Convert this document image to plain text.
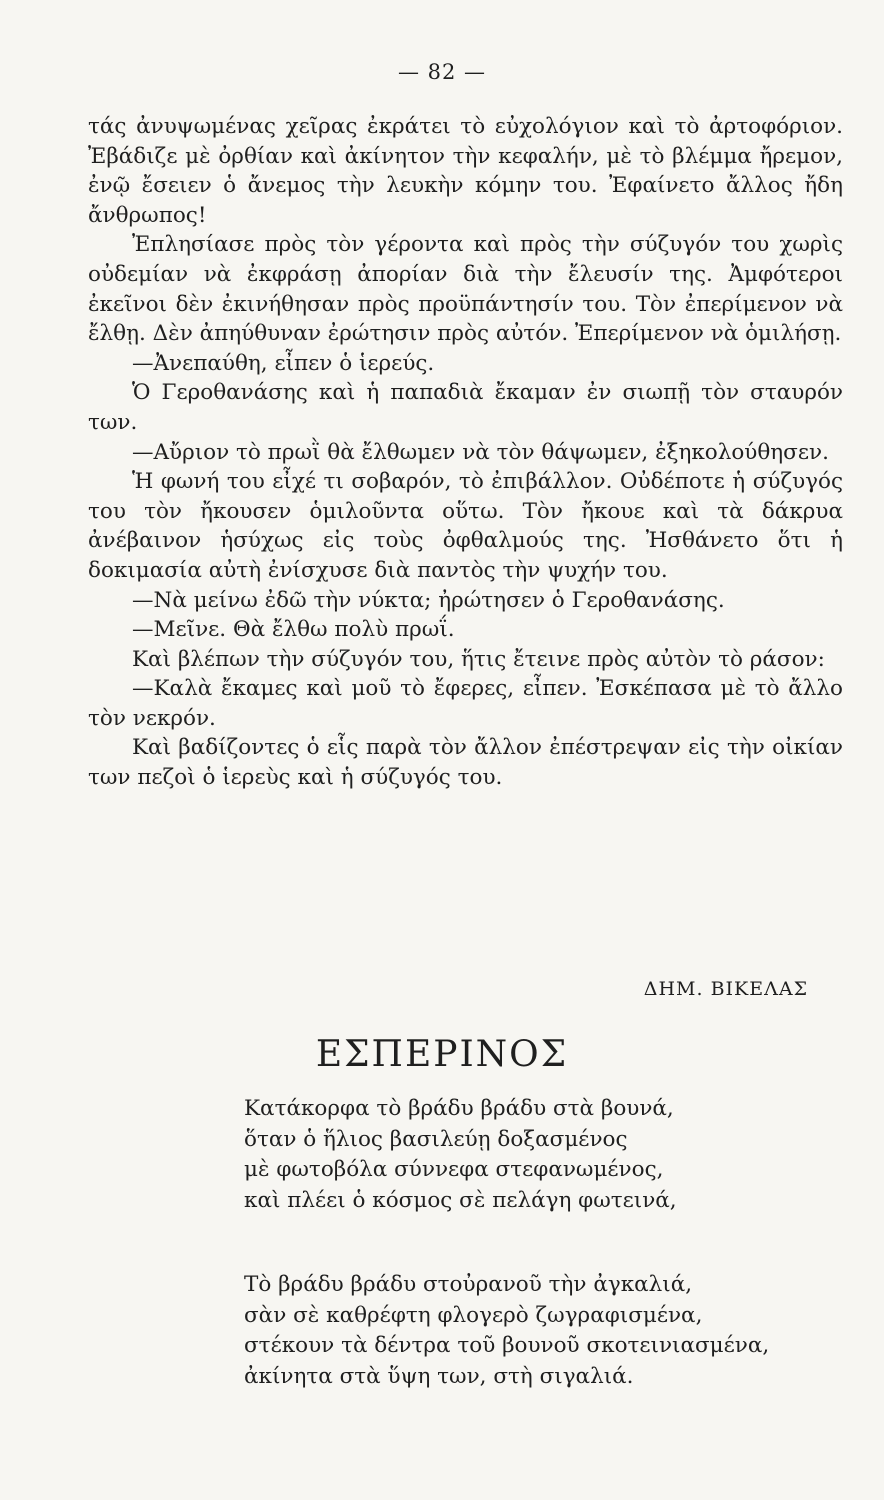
— 82 —

τάς ἀνυψωμένας χεῖρας ἐκράτει τὸ εὐχολόγιον καὶ τὸ ἀρτοφόριον. Ἐβάδιζε μὲ ὀρθίαν καὶ ἀκίνητον τὴν κεφαλήν, μὲ τὸ βλέμμα ἤρεμον, ἐνῷ ἔσειεν ὁ ἄνεμος τὴν λευκὴν κόμην του. Ἐφαίνετο ἄλλος ἤδη ἄνθρωπος!

Ἐπλησίασε πρὸς τὸν γέροντα καὶ πρὸς τὴν σύζυγόν του χωρὶς οὐδεμίαν νὰ ἐκφράσῃ ἀπορίαν διὰ τὴν ἔλευσίν της. Ἀμφότεροι ἐκεῖνοι δὲν ἐκινήθησαν πρὸς προϋπάντησίν του. Τὸν ἐπερίμενον νὰ ἔλθῃ. Δὲν ἀπηύθυναν ἐρώτησιν πρὸς αὐτόν. Ἐπερίμενον νὰ ὁμιλήσῃ.

—Ἀνεπαύθη, εἶπεν ὁ ἱερεύς.

Ὁ Γεροθανάσης καὶ ἡ παπαδιὰ ἔκαμαν ἐν σιωπῇ τὸν σταυρόν των.

—Αὔριον τὸ πρωῒ θὰ ἔλθωμεν νὰ τὸν θάψωμεν, ἐξηκολούθησεν.

Ἡ φωνή του εἶχέ τι σοβαρόν, τὸ ἐπιβάλλον. Οὐδέποτε ἡ σύζυγός του τὸν ἤκουσεν ὁμιλοῦντα οὕτω. Τὸν ἤκουε καὶ τὰ δάκρυα ἀνέβαινον ἡσύχως εἰς τοὺς ὀφθαλμούς της. Ἠσθάνετο ὅτι ἡ δοκιμασία αὐτὴ ἐνίσχυσε διὰ παντὸς τὴν ψυχήν του.

—Νὰ μείνω ἐδῶ τὴν νύκτα; ἠρώτησεν ὁ Γεροθανάσης.

—Μεῖνε. Θὰ ἔλθω πολὺ πρωΐ.

Καὶ βλέπων τὴν σύζυγόν του, ἥτις ἔτεινε πρὸς αὐτὸν τὸ ράσον:

—Καλὰ ἔκαμες καὶ μοῦ τὸ ἔφερες, εἶπεν. Ἐσκέπασα μὲ τὸ ἄλλο τὸν νεκρόν.

Καὶ βαδίζοντες ὁ εἷς παρὰ τὸν ἄλλον ἐπέστρεψαν εἰς τὴν οἰκίαν των πεζοὶ ὁ ἱερεὺς καὶ ἡ σύζυγός του.

ΔΗΜ. ΒΙΚΕΛΑΣ
ΕΣΠΕΡΙΝΟΣ
Κατάκορφα τὸ βράδυ βράδυ στὰ βουνά,
ὅταν ὁ ἥλιος βασιλεύῃ δοξασμένος
μὲ φωτοβόλα σύννεφα στεφανωμένος,
καὶ πλέει ὁ κόσμος σὲ πελάγη φωτεινά,
Τὸ βράδυ βράδυ στοὐρανοῦ τὴν ἀγκαλιά,
σὰν σὲ καθρέφτη φλογερὸ ζωγραφισμένα,
στέκουν τὰ δέντρα τοῦ βουνοῦ σκοτεινιασμένα,
ἀκίνητα στὰ ὕψη των, στὴ σιγαλιά.
